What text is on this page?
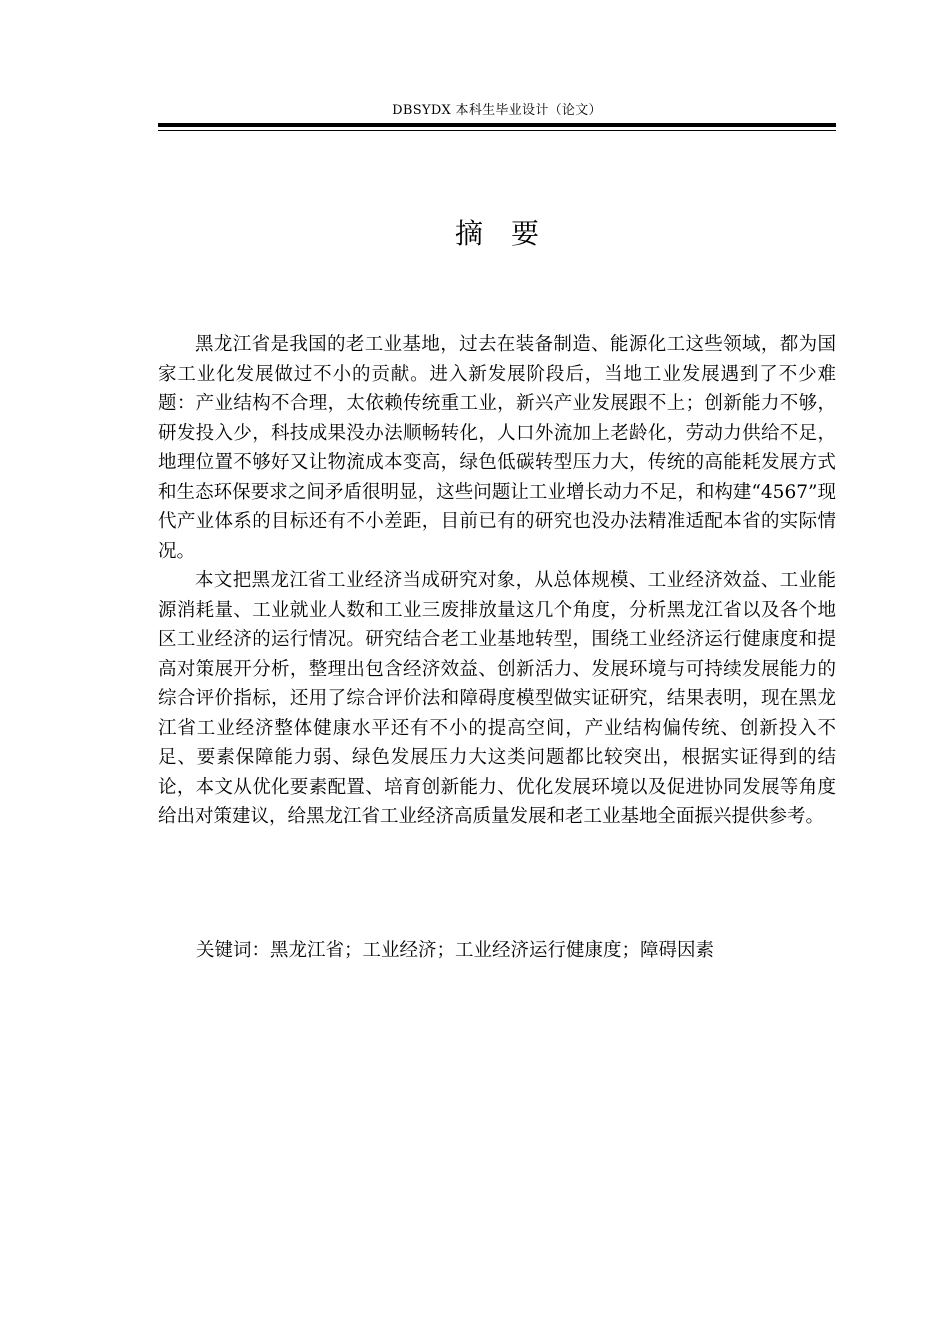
DBSYDX 本科生毕业设计（论文）
摘 要

黑龙江省是我国的老工业基地，过去在装备制造、能源化工这些领域，都为国家工业化发展做过不小的贡献。进入新发展阶段后，当地工业发展遇到了不少难题：产业结构不合理，太依赖传统重工业，新兴产业发展跟不上；创新能力不够，研发投入少，科技成果没办法顺畅转化，人口外流加上老龄化，劳动力供给不足，地理位置不够好又让物流成本变高，绿色低碳转型压力大，传统的高能耗发展方式和生态环保要求之间矛盾很明显，这些问题让工业增长动力不足，和构建“4567”现代产业体系的目标还有不小差距，目前已有的研究也没办法精准适配本省的实际情况。

本文把黑龙江省工业经济当成研究对象，从总体规模、工业经济效益、工业能源消耗量、工业就业人数和工业三废排放量这几个角度，分析黑龙江省以及各个地区工业经济的运行情况。研究结合老工业基地转型，围绕工业经济运行健康度和提高对策展开分析，整理出包含经济效益、创新活力、发展环境与可持续发展能力的综合评价指标，还用了综合评价法和障碍度模型做实证研究，结果表明，现在黑龙江省工业经济整体健康水平还有不小的提高空间，产业结构偏传统、创新投入不足、要素保障能力弱、绿色发展压力大这类问题都比较突出，根据实证得到的结论，本文从优化要素配置、培育创新能力、优化发展环境以及促进协同发展等角度给出对策建议，给黑龙江省工业经济高质量发展和老工业基地全面振兴提供参考。

关键词：黑龙江省；工业经济；工业经济运行健康度；障碍因素
